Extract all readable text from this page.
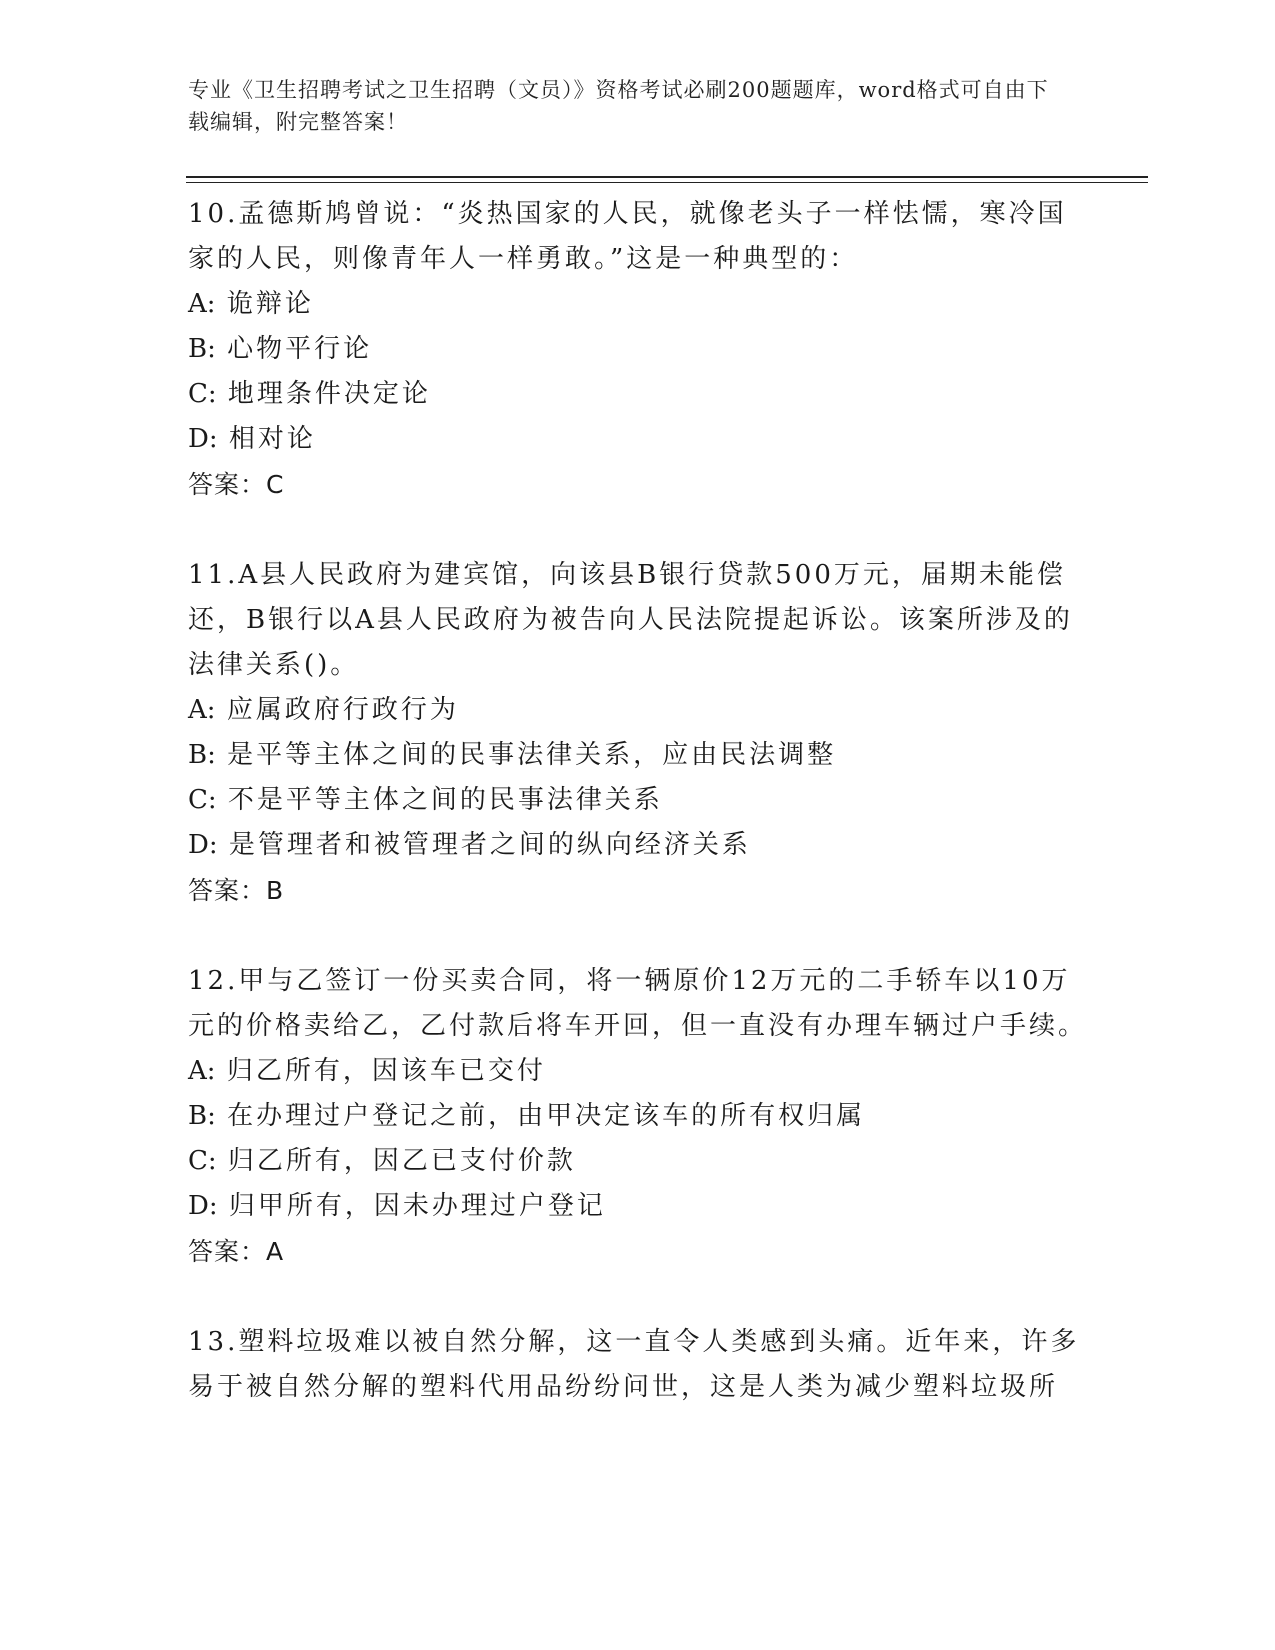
专业《卫生招聘考试之卫生招聘（文员）》资格考试必刷200题题库，word格式可自由下载编辑，附完整答案！

10.孟德斯鸠曾说：“炎热国家的人民，就像老头子一样怯懦，寒冷国家的人民，则像青年人一样勇敢。”这是一种典型的：

A: 诡辩论

B: 心物平行论

C: 地理条件决定论

D: 相对论

答案：C

11.A县人民政府为建宾馆，向该县B银行贷款500万元，届期未能偿还，B银行以A县人民政府为被告向人民法院提起诉讼。该案所涉及的法律关系()。

A: 应属政府行政行为

B: 是平等主体之间的民事法律关系，应由民法调整

C: 不是平等主体之间的民事法律关系

D: 是管理者和被管理者之间的纵向经济关系

答案：B

12.甲与乙签订一份买卖合同，将一辆原价12万元的二手轿车以10万元的价格卖给乙，乙付款后将车开回，但一直没有办理车辆过户手续。

A: 归乙所有，因该车已交付

B: 在办理过户登记之前，由甲决定该车的所有权归属

C: 归乙所有，因乙已支付价款

D: 归甲所有，因未办理过户登记

答案：A

13.塑料垃圾难以被自然分解，这一直令人类感到头痛。近年来，许多易于被自然分解的塑料代用品纷纷问世，这是人类为减少塑料垃圾所
